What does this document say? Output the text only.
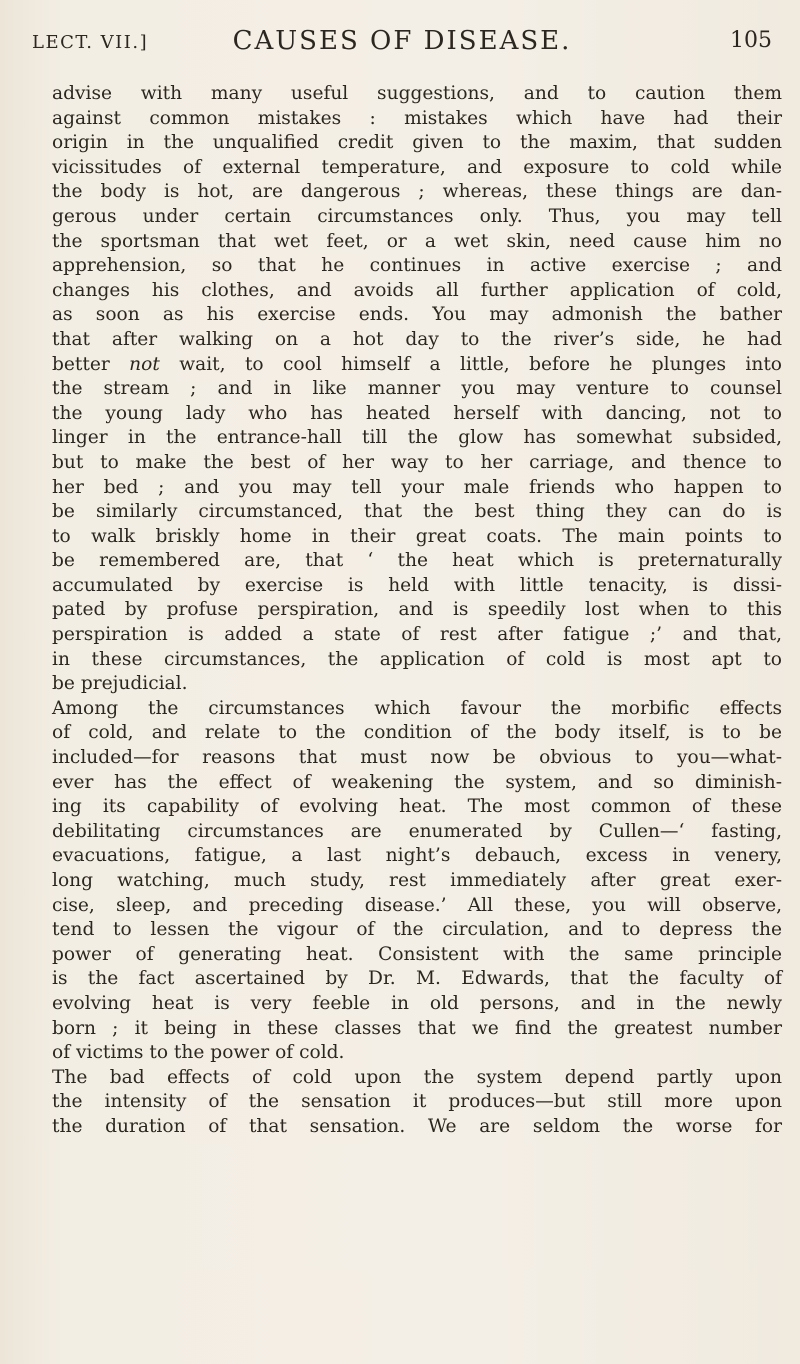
LECT. VII.]	CAUSES OF DISEASE.	105
advise with many useful suggestions, and to caution them
against common mistakes : mistakes which have had their
origin in the unqualified credit given to the maxim, that sudden
vicissitudes of external temperature, and exposure to cold while
the body is hot, are dangerous ; whereas, these things are dan-
gerous under certain circumstances only. Thus, you may tell
the sportsman that wet feet, or a wet skin, need cause him no
apprehension, so that he continues in active exercise ; and
changes his clothes, and avoids all further application of cold,
as soon as his exercise ends. You may admonish the bather
that after walking on a hot day to the river’s side, he had
better not wait, to cool himself a little, before he plunges into
the stream ; and in like manner you may venture to counsel
the young lady who has heated herself with dancing, not to
linger in the entrance-hall till the glow has somewhat subsided,
but to make the best of her way to her carriage, and thence to
her bed ; and you may tell your male friends who happen to
be similarly circumstanced, that the best thing they can do is
to walk briskly home in their great coats. The main points to
be remembered are, that ‘ the heat which is preternaturally
accumulated by exercise is held with little tenacity, is dissi-
pated by profuse perspiration, and is speedily lost when to this
perspiration is added a state of rest after fatigue ;’ and that,
in these circumstances, the application of cold is most apt to
be prejudicial.
Among the circumstances which favour the morbific effects
of cold, and relate to the condition of the body itself, is to be
included—for reasons that must now be obvious to you—what-
ever has the effect of weakening the system, and so diminish-
ing its capability of evolving heat. The most common of these
debilitating circumstances are enumerated by Cullen—‘ fasting,
evacuations, fatigue, a last night’s debauch, excess in venery,
long watching, much study, rest immediately after great exer-
cise, sleep, and preceding disease.’ All these, you will observe,
tend to lessen the vigour of the circulation, and to depress the
power of generating heat. Consistent with the same principle
is the fact ascertained by Dr. M. Edwards, that the faculty of
evolving heat is very feeble in old persons, and in the newly
born ; it being in these classes that we find the greatest number
of victims to the power of cold.
The bad effects of cold upon the system depend partly upon
the intensity of the sensation it produces—but still more upon
the duration of that sensation. We are seldom the worse for
